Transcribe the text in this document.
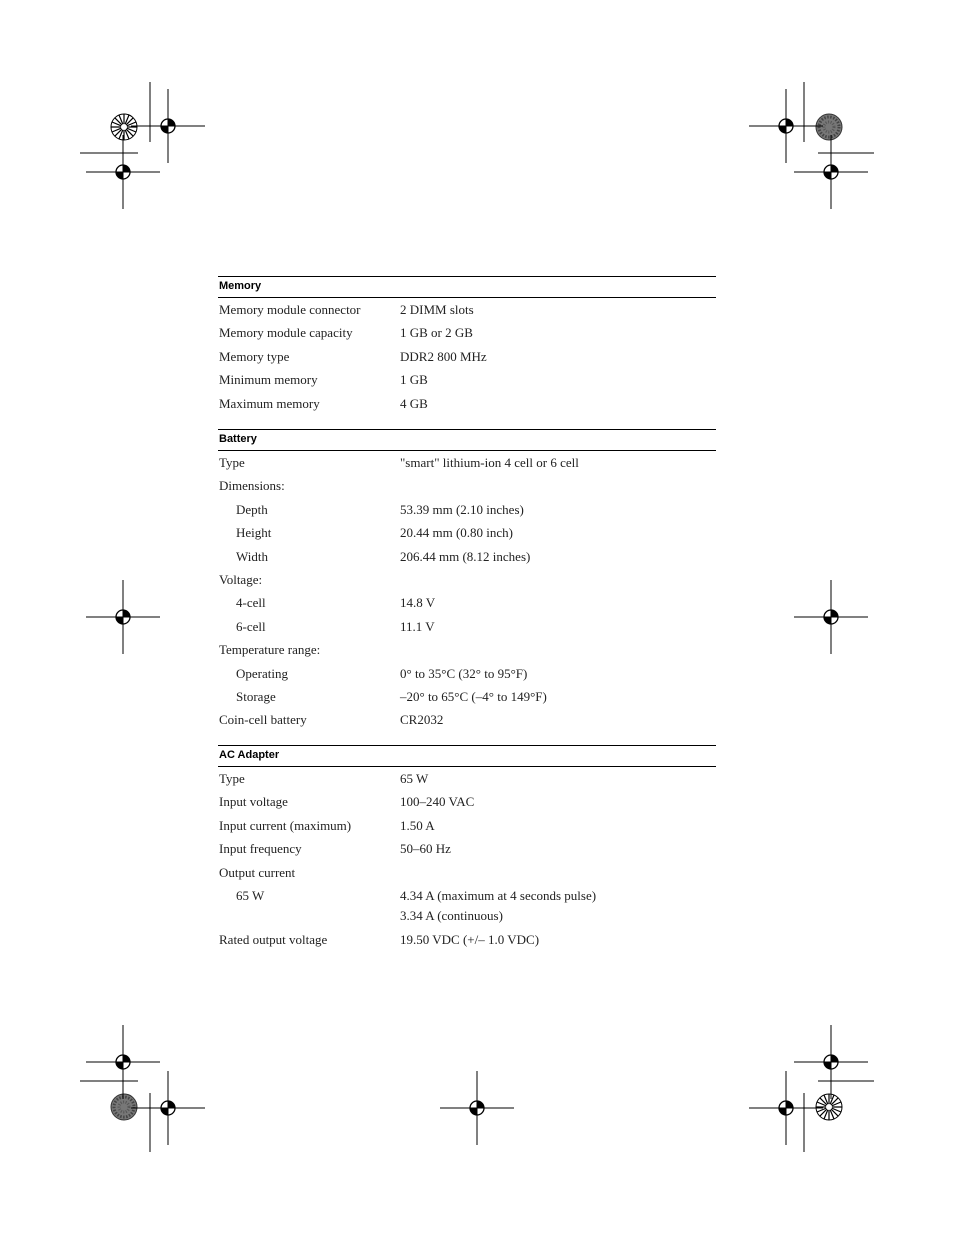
Memory
Memory module connector	2 DIMM slots
Memory module capacity	1 GB or 2 GB
Memory type	DDR2 800 MHz
Minimum memory	1 GB
Maximum memory	4 GB
Battery
Type	"smart" lithium-ion 4 cell or 6 cell
Dimensions:
Depth	53.39 mm (2.10 inches)
Height	20.44 mm (0.80 inch)
Width	206.44 mm (8.12 inches)
Voltage:
4-cell	14.8 V
6-cell	11.1 V
Temperature range:
Operating	0° to 35°C (32° to 95°F)
Storage	–20° to 65°C (–4° to 149°F)
Coin-cell battery	CR2032
AC Adapter
Type	65 W
Input voltage	100–240 VAC
Input current (maximum)	1.50 A
Input frequency	50–60 Hz
Output current
65 W	4.34 A (maximum at 4 seconds pulse)
3.34 A (continuous)
Rated output voltage	19.50 VDC (+/– 1.0 VDC)
